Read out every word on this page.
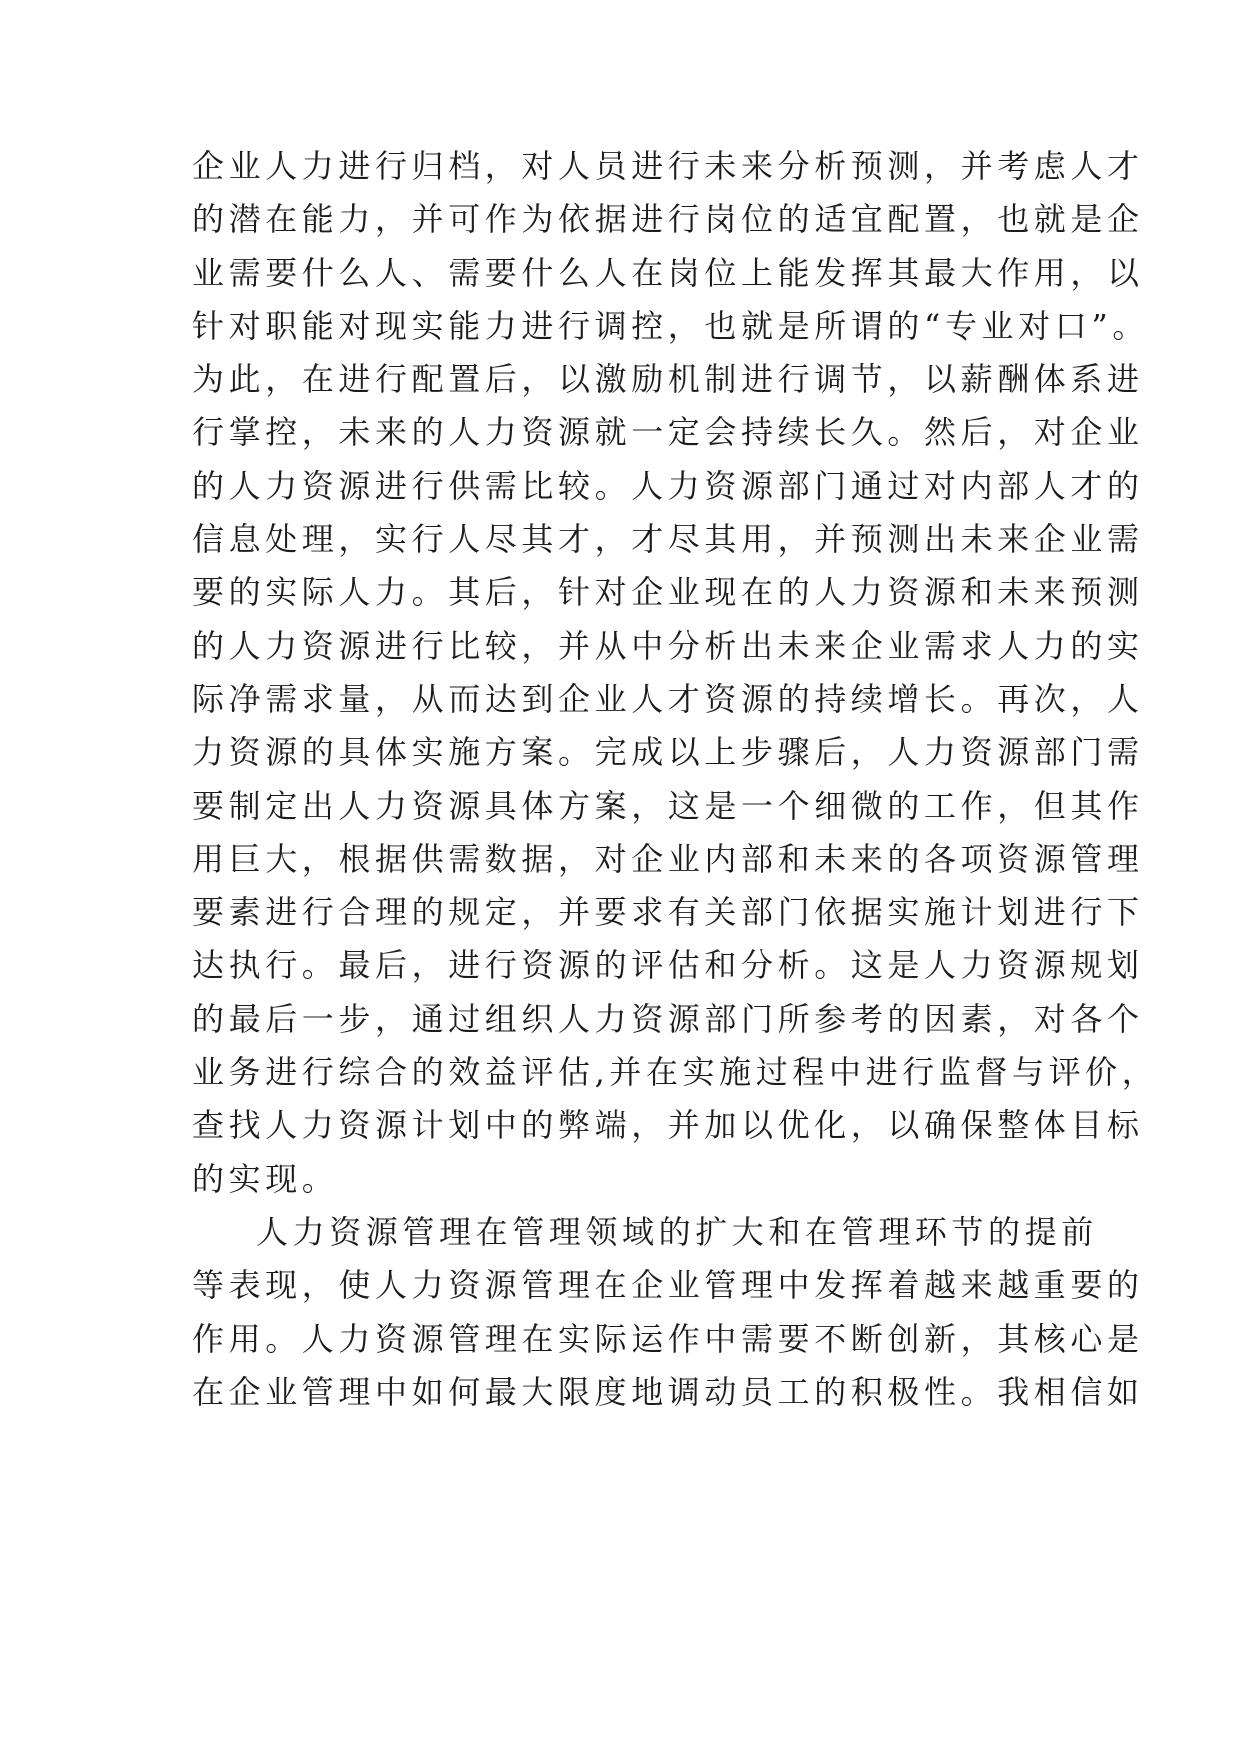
企业人力进行归档，对人员进行未来分析预测，并考虑人才
的潜在能力，并可作为依据进行岗位的适宜配置，也就是企
业需要什么人、需要什么人在岗位上能发挥其最大作用，以
针对职能对现实能力进行调控，也就是所谓的“专业对口”。
为此，在进行配置后，以激励机制进行调节，以薪酬体系进
行掌控，未来的人力资源就一定会持续长久。然后，对企业
的人力资源进行供需比较。人力资源部门通过对内部人才的
信息处理，实行人尽其才，才尽其用，并预测出未来企业需
要的实际人力。其后，针对企业现在的人力资源和未来预测
的人力资源进行比较，并从中分析出未来企业需求人力的实
际净需求量，从而达到企业人才资源的持续增长。再次，人
力资源的具体实施方案。完成以上步骤后，人力资源部门需
要制定出人力资源具体方案，这是一个细微的工作，但其作
用巨大，根据供需数据，对企业内部和未来的各项资源管理
要素进行合理的规定，并要求有关部门依据实施计划进行下
达执行。最后，进行资源的评估和分析。这是人力资源规划
的最后一步，通过组织人力资源部门所参考的因素，对各个
业务进行综合的效益评估,并在实施过程中进行监督与评价，
查找人力资源计划中的弊端，并加以优化，以确保整体目标
的实现。
人力资源管理在管理领域的扩大和在管理环节的提前
等表现，使人力资源管理在企业管理中发挥着越来越重要的
作用。人力资源管理在实际运作中需要不断创新，其核心是
在企业管理中如何最大限度地调动员工的积极性。我相信如
